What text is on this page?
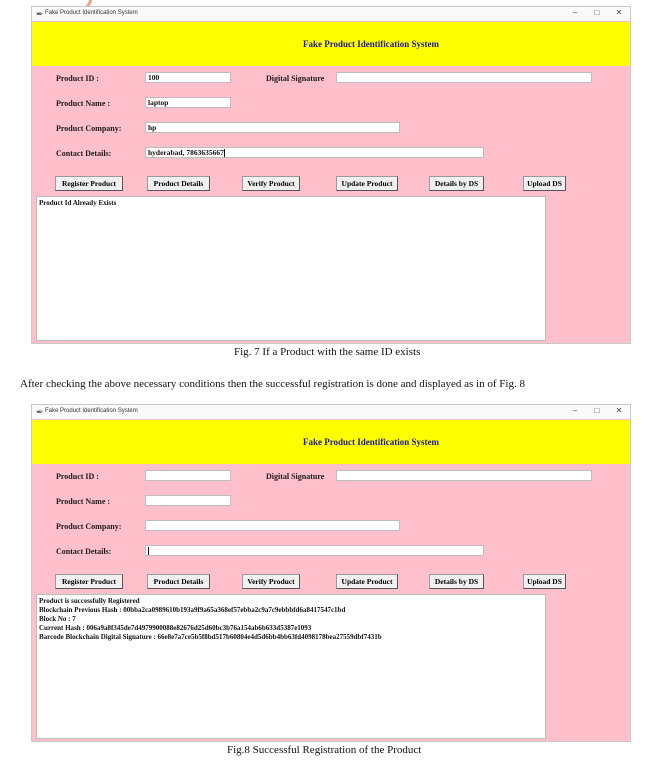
✒ Fake Product Identification System	–	□	✕
Fake Product Identification System
Product ID :	100	Digital Signature
Product Name :	laptop
Product Company:	hp
Contact Details:	hyderabad, 7863635667
Register Product	Product Details	Verify Product	Update Product	Details by DS	Upload DS
Product Id Already Exists
Fig. 7 If a Product with the same ID exists
After checking the above necessary conditions then the successful registration is done and displayed as in of Fig. 8
✒ Fake Product Identification System	–	□	✕
Fake Product Identification System
Product ID :	Digital Signature
Product Name :
Product Company:
Contact Details:
Register Product	Product Details	Verify Product	Update Product	Details by DS	Upload DS
Product is successfully Registered
Blockchain Previous Hash : 00bba2ca0989610b193a9f9a65a368ef57ebba2c9a7c9ebbbfd6a8417547c1bd
Block No : 7
Current Hash : 006a9a8f345de7d4979900088e82676d25d60bc3b76a154ab6b633d5387e1093
Barcode Blockchain Digital Signature : 66e8e7a7ce5b5f8bd517b60804e4d5d6bb4bb63fd4098178bea27559dbf7431b
Fig.8 Successful Registration of the Product
